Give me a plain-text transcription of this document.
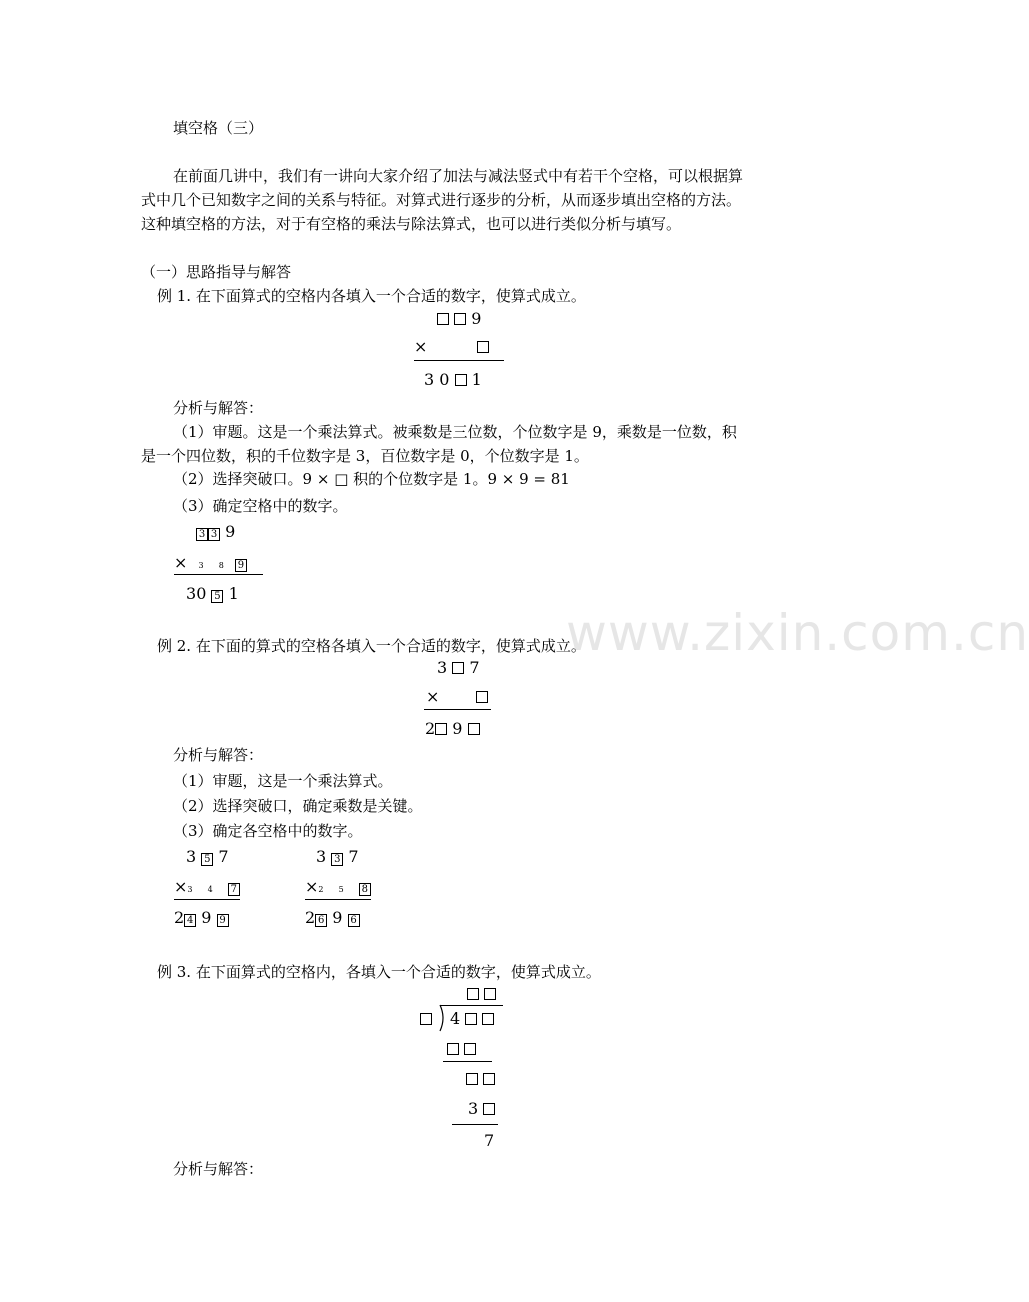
www.zixin.com.cn
填空格（三）
在前面几讲中，我们有一讲向大家介绍了加法与减法竖式中有若干个空格，可以根据算
式中几个已知数字之间的关系与特征。对算式进行逐步的分析，从而逐步填出空格的方法。
这种填空格的方法，对于有空格的乘法与除法算式，也可以进行类似分析与填写。
（一）思路指导与解答
例 1. 在下面算式的空格内各填入一个合适的数字，使算式成立。
9
×
3 0 1
分析与解答：
（1）审题。这是一个乘法算式。被乘数是三位数，个位数字是 9，乘数是一位数，积
是一个四位数，积的千位数字是 3，百位数字是 0，个位数字是 1。
（2）选择突破口。9 × □ 积的个位数字是 1。9 × 9 = 81
（3）确定空格中的数字。
3 3 9
× 3 8 9
30 5 1
例 2. 在下面的算式的空格各填入一个合适的数字，使算式成立。
3 7
×
2 9
分析与解答：
（1）审题，这是一个乘法算式。
（2）选择突破口，确定乘数是关键。
（3）确定各空格中的数字。
3 5 7
×3 4 7
2 4 9 9
3 3 7
×2 5 8
2 6 9 6
例 3. 在下面算式的空格内，各填入一个合适的数字，使算式成立。
4
3
7
分析与解答：
